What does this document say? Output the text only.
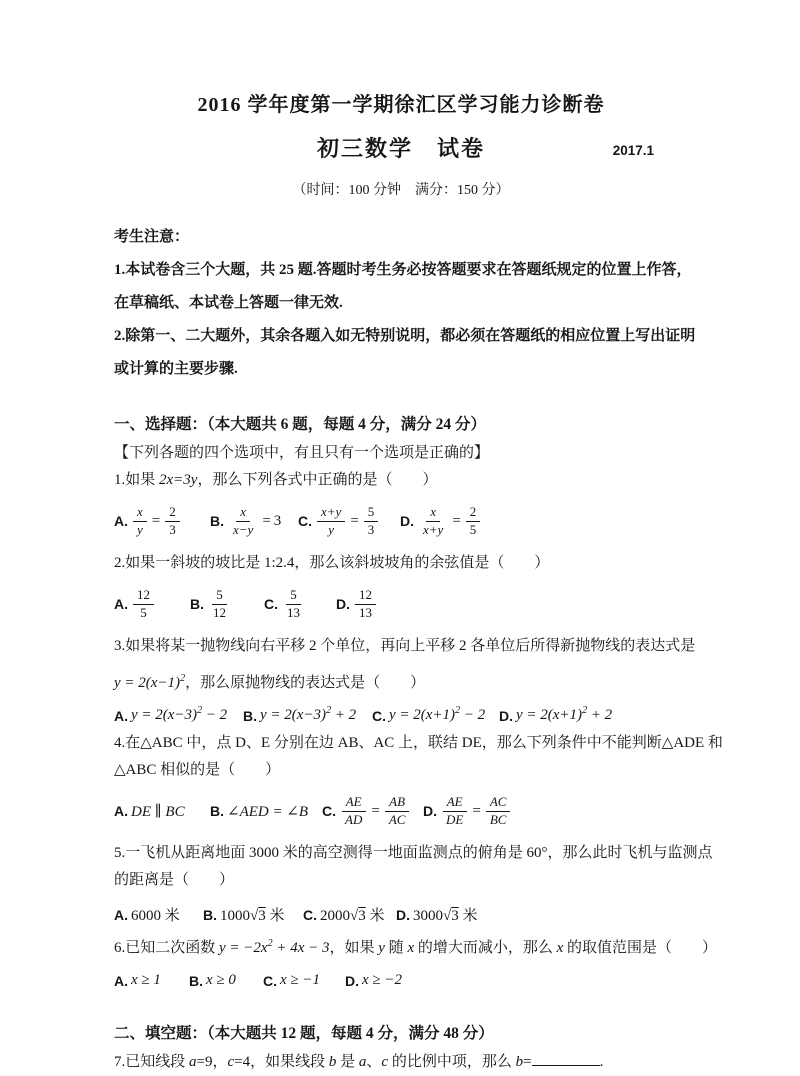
2016 学年度第一学期徐汇区学习能力诊断卷
初三数学　试卷	2017.1
（时间：100 分钟　满分：150 分）
考生注意：
1.本试卷含三个大题，共 25 题.答题时考生务必按答题要求在答题纸规定的位置上作答，
在草稿纸、本试卷上答题一律无效.
2.除第一、二大题外，其余各题入如无特别说明，都必须在答题纸的相应位置上写出证明
或计算的主要步骤.
一、选择题：（本大题共 6 题，每题 4 分，满分 24 分）
【下列各题的四个选项中，有且只有一个选项是正确的】
1.如果 2x=3y，那么下列各式中正确的是（　　）
A. $\frac{x}{y} = \frac{2}{3} B$. $\frac{x}{x-y} = 3$ C. $\frac{x+y}{y} = \frac{5}{3} D$. $\frac{x}{x+y} = \frac{2}{5}$
2.如果一斜坡的坡比是 1:2.4，那么该斜坡坡角的余弦值是（　　）
A. $\frac{12}{5}$	B. $\frac{5}{12} C$. $\frac{5}{13} D$. $\frac{12}{13}$
3.如果将某一抛物线向右平移 2 个单位，再向上平移 2 各单位后所得新抛物线的表达式是
$y = 2(x-1)^2$，那么原抛物线的表达式是（　　）
A. $y = 2(x-3)^2 - 2$ B. $y = 2(x-3)^2 + 2$ C. $y = 2(x+1)^2 - 2$ D. $y = 2(x+1)^2 + 2$
4.在△ABC 中，点 D、E 分别在边 AB、AC 上，联结 DE，那么下列条件中不能判断△ADE 和
△ABC 相似的是（　　）
A. DE ∥ BC B. ∠AED = ∠B C. $\frac{AE}{AD} = \frac{AB}{AC} D$. $\frac{AE}{DE} = \frac{AC}{BC}$
5.一飞机从距离地面 3000 米的高空测得一地面监测点的俯角是 60°，那么此时飞机与监测点
的距离是（　　）
A. 6000 米 B. 1000√3 米 C. 2000√3 米 D. 3000√3 米
6.已知二次函数 $y = -2x^2 + 4x - 3$，如果 y 随 x 的增大而减小，那么 x 的取值范围是（　　）
A. x ≥ 1 B. x ≥ 0 C. x ≥ −1 D. x ≥ −2
二、填空题：（本大题共 12 题，每题 4 分，满分 48 分）
7.已知线段 a=9，c=4，如果线段 b 是 a、c 的比例中项，那么 b=	.
